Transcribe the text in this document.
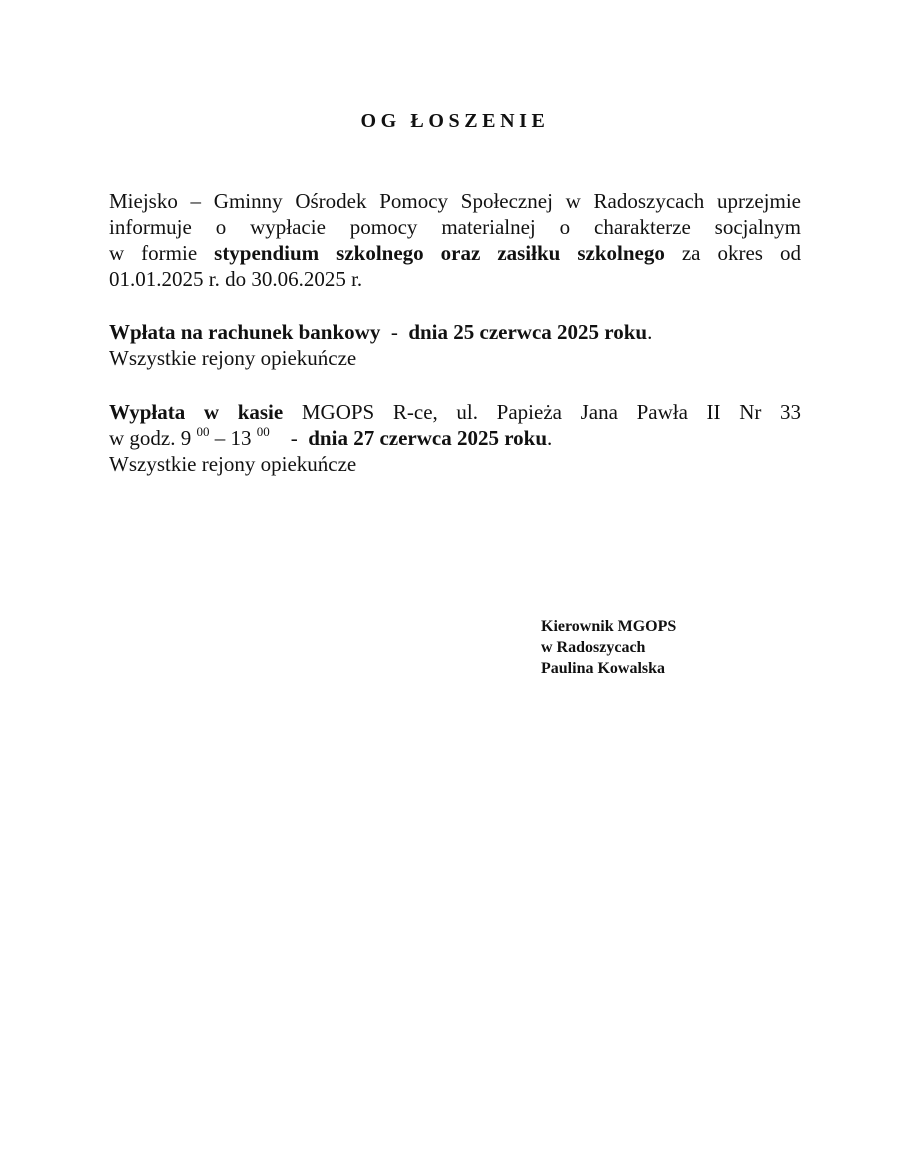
OG ŁOSZENIE
Miejsko – Gminny Ośrodek Pomocy Społecznej w Radoszycach uprzejmie
informuje o wypłacie pomocy materialnej o charakterze socjalnym
w formie stypendium szkolnego oraz zasiłku szkolnego za okres od
01.01.2025 r. do 30.06.2025 r.
Wpłata na rachunek bankowy  -  dnia 25 czerwca 2025 roku.
Wszystkie rejony opiekuńcze
Wypłata w kasie MGOPS R-ce, ul. Papieża Jana Pawła II Nr 33
w godz. 9 $^{00}$ – 13 $^{00}$    -  dnia 27 czerwca 2025 roku.
Wszystkie rejony opiekuńcze
Kierownik MGOPS
w Radoszycach
Paulina Kowalska
